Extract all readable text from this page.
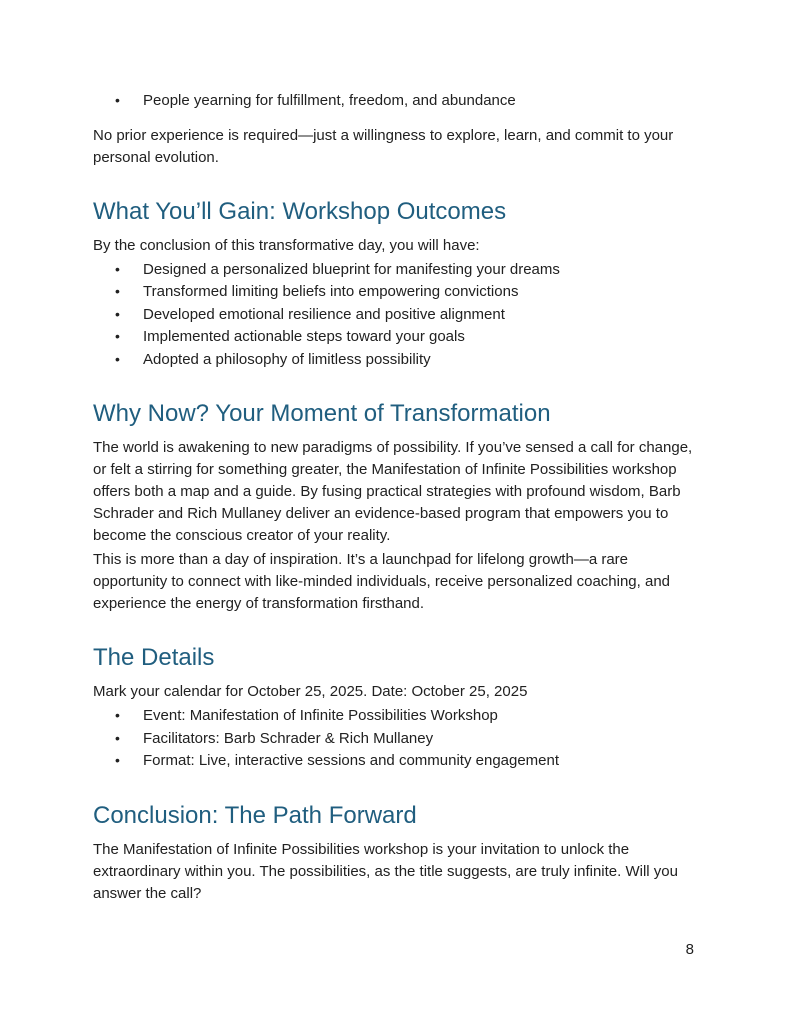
• People yearning for fulfillment, freedom, and abundance

No prior experience is required—just a willingness to explore, learn, and commit to your personal evolution.

What You’ll Gain: Workshop Outcomes

By the conclusion of this transformative day, you will have:

• Designed a personalized blueprint for manifesting your dreams
• Transformed limiting beliefs into empowering convictions
• Developed emotional resilience and positive alignment
• Implemented actionable steps toward your goals
• Adopted a philosophy of limitless possibility
Why Now? Your Moment of Transformation

The world is awakening to new paradigms of possibility. If you’ve sensed a call for change, or felt a stirring for something greater, the Manifestation of Infinite Possibilities workshop offers both a map and a guide. By fusing practical strategies with profound wisdom, Barb Schrader and Rich Mullaney deliver an evidence-based program that empowers you to become the conscious creator of your reality.

This is more than a day of inspiration. It’s a launchpad for lifelong growth—a rare opportunity to connect with like-minded individuals, receive personalized coaching, and experience the energy of transformation firsthand.

The Details

Mark your calendar for October 25, 2025. Date: October 25, 2025

• Event: Manifestation of Infinite Possibilities Workshop
• Facilitators: Barb Schrader & Rich Mullaney
• Format: Live, interactive sessions and community engagement
Conclusion: The Path Forward

The Manifestation of Infinite Possibilities workshop is your invitation to unlock the extraordinary within you. The possibilities, as the title suggests, are truly infinite. Will you answer the call?

8
